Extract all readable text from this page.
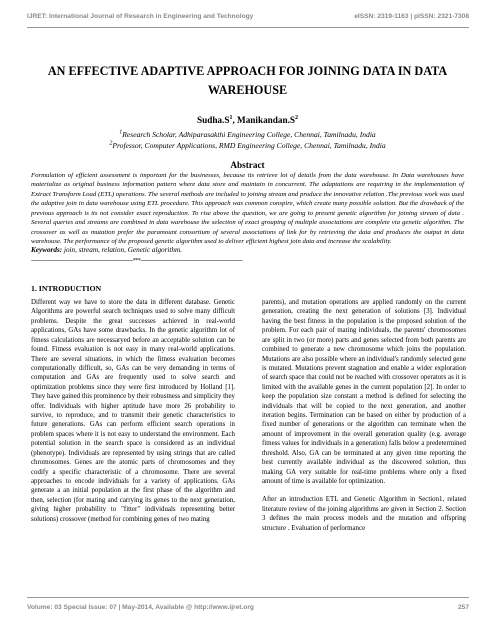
IJRET: International Journal of Research in Engineering and Technology	eISSN: 2319-1163 | pISSN: 2321-7308
AN EFFECTIVE ADAPTIVE APPROACH FOR JOINING DATA IN DATA WAREHOUSE
$Sudha.S^1$, $Manikandan.S^2$
$^1$Research Scholar, Adhiparasakthi Engineering College, Chennai, Tamilnadu, India
$^2$Professor, Computer Applications, RMD Engineering College, Chennai, Tamilnadu, India
Abstract
Formulation of efficient assessment is important for the businesses, because its retrieve lot of details from the data warehouse. In Data warehouses have materialize as original business information pattern where data store and maintain in concurrent. The adaptations are requiring in the implementation of Extract Transform Load (ETL) operations. The several methods are included to joining stream and produce the innovative relation .The previous work was used the adaptive join in data warehouse using ETL procedure. This approach was common conspire, which create many possible solution. But the drawback of the previous approach is its not consider exact reproduction. To rise above the question, we are going to present genetic algorithm for joining stream of data . Several queries and streams are combined in data warehouse the selection of exact grouping of multiple associations are complete via genetic algorithm. The crossover as well as mutation prefer the paramount consortium of several associations of link for by retrieving the data and produces the output in data warehouse. The performance of the proposed genetic algorithm used to deliver efficient highest join data and increase the scalability.
Keywords: join, stream, relation, Genetic algorithm.
--------------------------------------------------------------------***--------------------------------------------------------------------
1. INTRODUCTION
Different way we have to store the data in different database. Genetic Algorithms are powerful search techniques used to solve many difficult problems. Despite the great successes achieved in real-world applications, GAs have some drawbacks. In the genetic algorithm lot of fitness calculations are necessaryed before an acceptable solution can be found. Fitness evaluation is not easy in many real-world applications. There are several situations, in which the fitness evaluation becomes computationally difficult, so, GAs can be very demanding in terms of computation and GAs are frequently used to solve search and optimization problems since they were first introduced by Holland [1]. They have gained this prominence by their robustness and simplicity they offer. Individuals with higher aptitude have more 26 probability to survive, to reproduce, and to transmit their genetic characteristics to future generations. GAs can perform efficient search operations in problem spaces where it is not easy to understand the environment. Each potential solution in the search space is considered as an individual (phenotype). Individuals are represented by using strings that are called chromosomes. Genes are the atomic parts of chromosomes and they codify a specific characteristic of a chromosome. There are several approaches to encode individuals for a variety of applications. GAs generate a an initial population at the first phase of the algorithm and then, selection (for mating and carrying its genes to the next generation, giving higher probability to "fitter" individuals representing better solutions) crossover (method for combining genes of two mating
parents), and mutation operations are applied randomly on the current generation, creating the next generation of solutions [3]. Individual having the best fitness in the population is the proposed solution of the problem. For each pair of mating individuals, the parents' chromosomes are split in two (or more) parts and genes selected from both parents are combined to generate a new chromosome which joins the population. Mutations are also possible where an individual's randomly selected gene is mutated. Mutations prevent stagnation and enable a wider exploration of search space that could not be reached with crossover operators as it is limited with the available genes in the current population [2]. In order to keep the population size constant a method is defined for selecting the individuals that will be copied to the next generation, and another iteration begins. Termination can be based on either by production of a fixed number of generations or the algorithm can terminate when the amount of improvement in the overall generation quality (e.g. average fitness values for individuals in a generation) falls below a predetermined threshold. Also, GA can be terminated at any given time reporting the best currently available individual as the discovered solution, thus making GA very suitable for real-time problems where only a fixed amount of time is available for optimization.
After an introduction ETL and Genetic Algorithm in Section1, related literature review of the joining algorithms are given in Section 2. Section 3 defines the main process models and the mutation and offspring structure . Evaluation of performance
Volume: 03 Special Issue: 07 | May-2014, Available @ http://www.ijret.org	257
